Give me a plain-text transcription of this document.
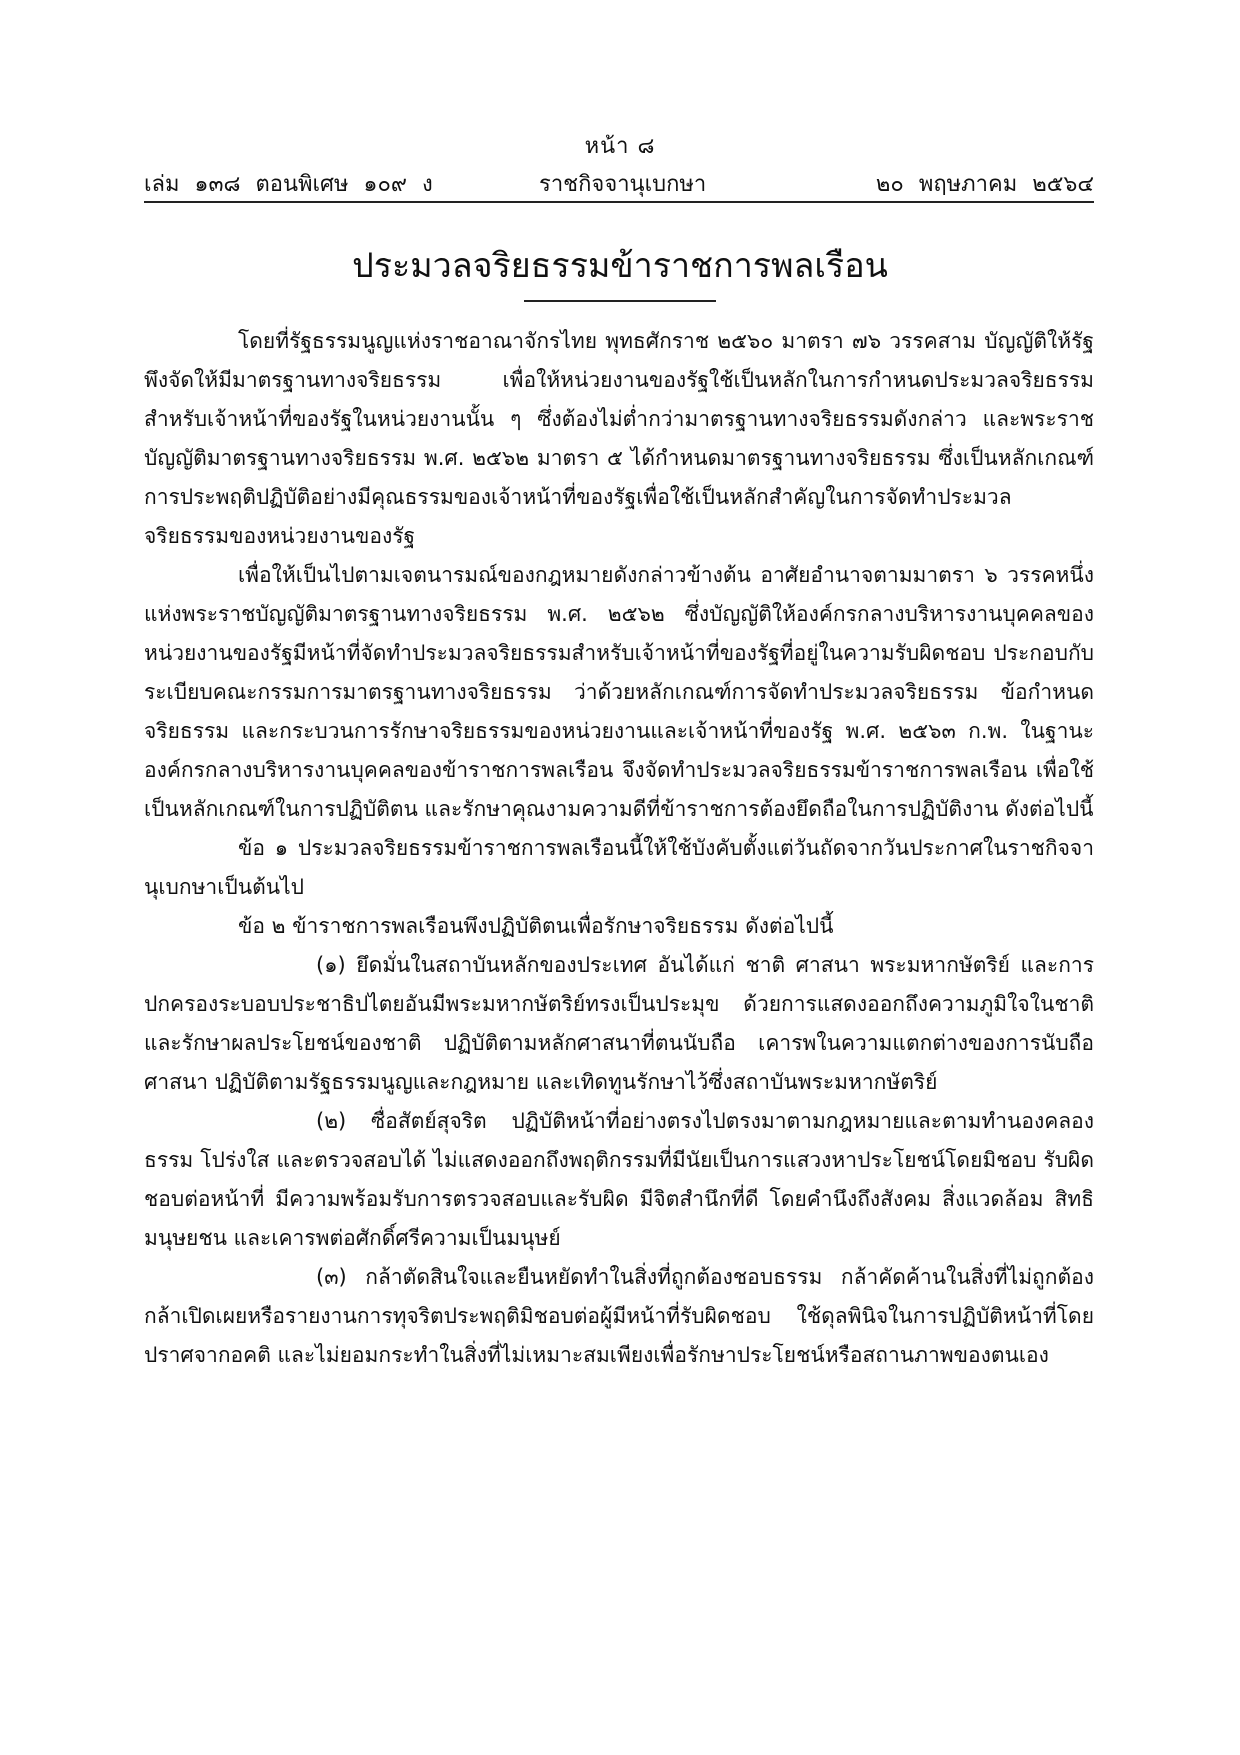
หน้า ๘
เล่ม ๑๓๘ ตอนพิเศษ ๑๐๙ ง	ราชกิจจานุเบกษา	๒๐ พฤษภาคม ๒๕๖๔
ประมวลจริยธรรมข้าราชการพลเรือน

โดยที่รัฐธรรมนูญแห่งราชอาณาจักรไทย พุทธศักราช ๒๕๖๐ มาตรา ๗๖ วรรคสาม บัญญัติให้รัฐพึงจัดให้มีมาตรฐานทางจริยธรรม เพื่อให้หน่วยงานของรัฐใช้เป็นหลักในการกำหนดประมวลจริยธรรมสำหรับเจ้าหน้าที่ของรัฐในหน่วยงานนั้น ๆ ซึ่งต้องไม่ต่ำกว่ามาตรฐานทางจริยธรรมดังกล่าว และพระราชบัญญัติมาตรฐานทางจริยธรรม พ.ศ. ๒๕๖๒ มาตรา ๕ ได้กำหนดมาตรฐานทางจริยธรรม ซึ่งเป็นหลักเกณฑ์การประพฤติปฏิบัติอย่างมีคุณธรรมของเจ้าหน้าที่ของรัฐเพื่อใช้เป็นหลักสำคัญในการจัดทำประมวลจริยธรรมของหน่วยงานของรัฐ

เพื่อให้เป็นไปตามเจตนารมณ์ของกฎหมายดังกล่าวข้างต้น อาศัยอำนาจตามมาตรา ๖ วรรคหนึ่ง แห่งพระราชบัญญัติมาตรฐานทางจริยธรรม พ.ศ. ๒๕๖๒ ซึ่งบัญญัติให้องค์กรกลางบริหารงานบุคคลของหน่วยงานของรัฐมีหน้าที่จัดทำประมวลจริยธรรมสำหรับเจ้าหน้าที่ของรัฐที่อยู่ในความรับผิดชอบ ประกอบกับระเบียบคณะกรรมการมาตรฐานทางจริยธรรม ว่าด้วยหลักเกณฑ์การจัดทำประมวลจริยธรรม ข้อกำหนดจริยธรรม และกระบวนการรักษาจริยธรรมของหน่วยงานและเจ้าหน้าที่ของรัฐ พ.ศ. ๒๕๖๓ ก.พ. ในฐานะองค์กรกลางบริหารงานบุคคลของข้าราชการพลเรือน จึงจัดทำประมวลจริยธรรมข้าราชการพลเรือน เพื่อใช้เป็นหลักเกณฑ์ในการปฏิบัติตน และรักษาคุณงามความดีที่ข้าราชการต้องยึดถือในการปฏิบัติงาน ดังต่อไปนี้

ข้อ ๑ ประมวลจริยธรรมข้าราชการพลเรือนนี้ให้ใช้บังคับตั้งแต่วันถัดจากวันประกาศในราชกิจจานุเบกษาเป็นต้นไป

ข้อ ๒ ข้าราชการพลเรือนพึงปฏิบัติตนเพื่อรักษาจริยธรรม ดังต่อไปนี้

(๑) ยึดมั่นในสถาบันหลักของประเทศ อันได้แก่ ชาติ ศาสนา พระมหากษัตริย์ และการปกครองระบอบประชาธิปไตยอันมีพระมหากษัตริย์ทรงเป็นประมุข ด้วยการแสดงออกถึงความภูมิใจในชาติและรักษาผลประโยชน์ของชาติ ปฏิบัติตามหลักศาสนาที่ตนนับถือ เคารพในความแตกต่างของการนับถือศาสนา ปฏิบัติตามรัฐธรรมนูญและกฎหมาย และเทิดทูนรักษาไว้ซึ่งสถาบันพระมหากษัตริย์

(๒) ซื่อสัตย์สุจริต ปฏิบัติหน้าที่อย่างตรงไปตรงมาตามกฎหมายและตามทำนองคลองธรรม โปร่งใส และตรวจสอบได้ ไม่แสดงออกถึงพฤติกรรมที่มีนัยเป็นการแสวงหาประโยชน์โดยมิชอบ รับผิดชอบต่อหน้าที่ มีความพร้อมรับการตรวจสอบและรับผิด มีจิตสำนึกที่ดี โดยคำนึงถึงสังคม สิ่งแวดล้อม สิทธิมนุษยชน และเคารพต่อศักดิ์ศรีความเป็นมนุษย์

(๓) กล้าตัดสินใจและยืนหยัดทำในสิ่งที่ถูกต้องชอบธรรม กล้าคัดค้านในสิ่งที่ไม่ถูกต้อง กล้าเปิดเผยหรือรายงานการทุจริตประพฤติมิชอบต่อผู้มีหน้าที่รับผิดชอบ ใช้ดุลพินิจในการปฏิบัติหน้าที่โดยปราศจากอคติ และไม่ยอมกระทำในสิ่งที่ไม่เหมาะสมเพียงเพื่อรักษาประโยชน์หรือสถานภาพของตนเอง
